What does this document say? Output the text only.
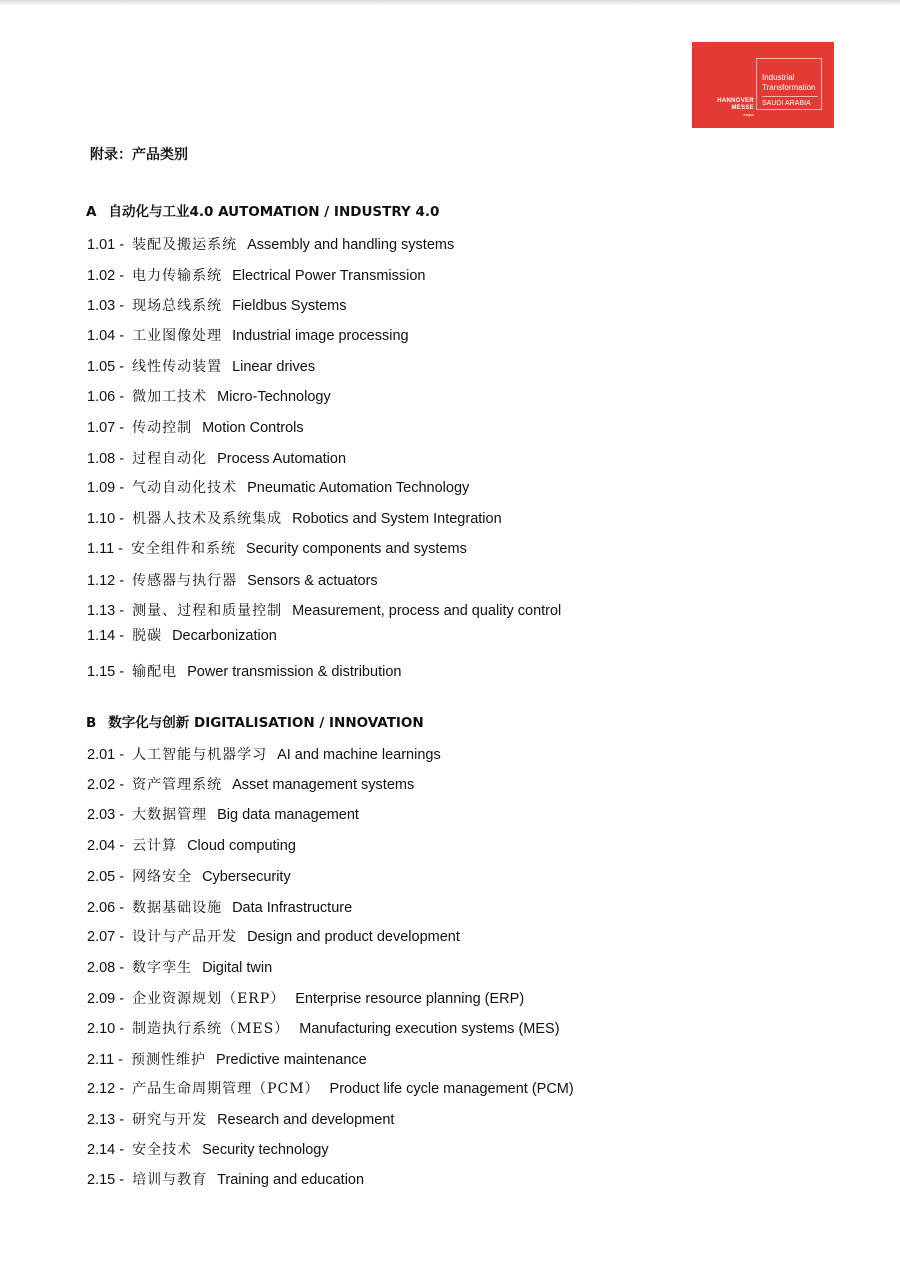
Industrial
Transformation
SAUDI ARABIA
HANNOVER
MESSE
expo
附录：产品类别
A 自动化与工业4.0 AUTOMATION / INDUSTRY 4.0
1.01 - 装配及搬运系统 Assembly and handling systems
1.02 - 电力传输系统 Electrical Power Transmission
1.03 - 现场总线系统 Fieldbus Systems
1.04 - 工业图像处理 Industrial image processing
1.05 - 线性传动装置 Linear drives
1.06 - 微加工技术 Micro-Technology
1.07 - 传动控制 Motion Controls
1.08 - 过程自动化 Process Automation
1.09 - 气动自动化技术 Pneumatic Automation Technology
1.10 - 机器人技术及系统集成 Robotics and System Integration
1.11 - 安全组件和系统 Security components and systems
1.12 - 传感器与执行器 Sensors & actuators
1.13 - 测量、过程和质量控制 Measurement, process and quality control
1.14 - 脱碳 Decarbonization
1.15 - 输配电 Power transmission & distribution
B 数字化与创新 DIGITALISATION / INNOVATION
2.01 - 人工智能与机器学习 AI and machine learnings
2.02 - 资产管理系统 Asset management systems
2.03 - 大数据管理 Big data management
2.04 - 云计算 Cloud computing
2.05 - 网络安全 Cybersecurity
2.06 - 数据基础设施 Data Infrastructure
2.07 - 设计与产品开发 Design and product development
2.08 - 数字孪生 Digital twin
2.09 - 企业资源规划（ERP） Enterprise resource planning (ERP)
2.10 - 制造执行系统（MES） Manufacturing execution systems (MES)
2.11 - 预测性维护 Predictive maintenance
2.12 - 产品生命周期管理（PCM） Product life cycle management (PCM)
2.13 - 研究与开发 Research and development
2.14 - 安全技术 Security technology
2.15 - 培训与教育 Training and education
